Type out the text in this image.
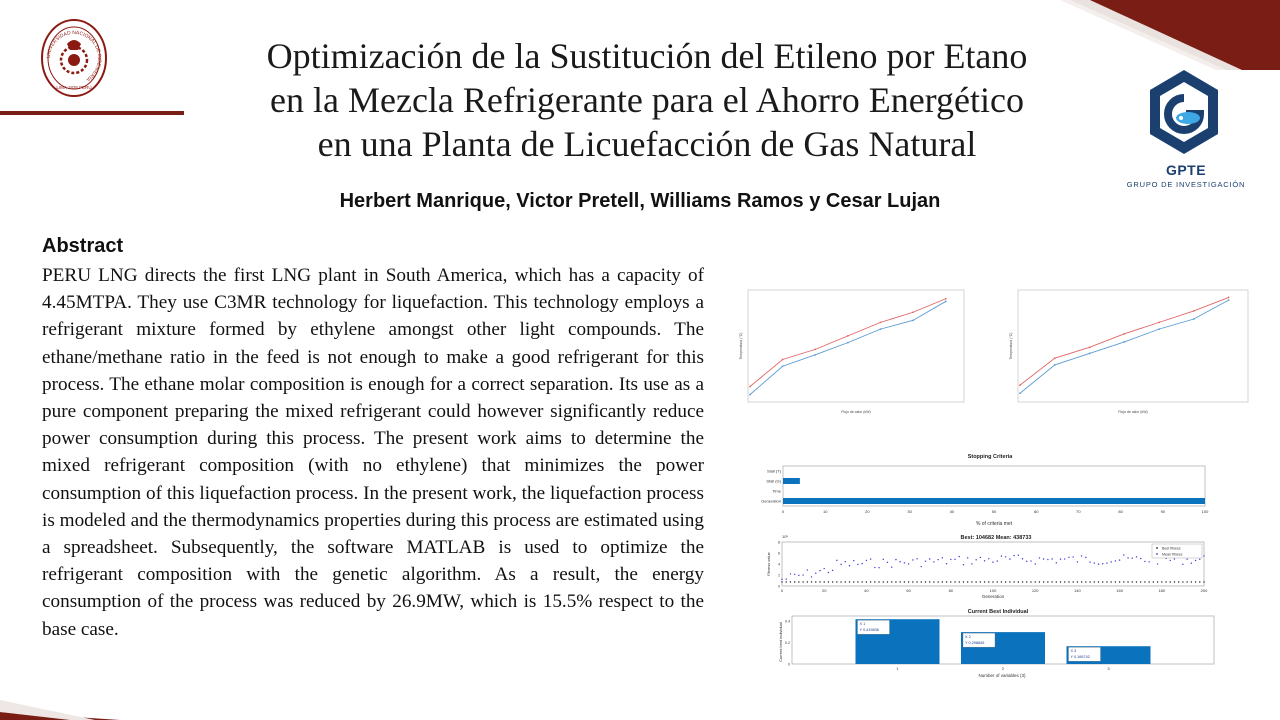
UNIVERSIDAD NACIONAL DE INGENIERÍA
LIMA 1876 PERÚ
Optimización de la Sustitución del Etileno por Etano
en la Mezcla Refrigerante para el Ahorro Energético
en una Planta de Licuefacción de Gas Natural
GPTE
GRUPO DE INVESTIGACIÓN
Herbert Manrique, Victor Pretell, Williams Ramos y Cesar Lujan
Abstract
PERU LNG directs the first LNG plant in South America, which has a capacity of 4.45MTPA. They use C3MR technology for liquefaction. This technology employs a refrigerant mixture formed by ethylene amongst other light compounds. The ethane/methane ratio in the feed is not enough to make a good refrigerant for this process. The ethane molar composition is enough for a correct separation. Its use as a pure component preparing the mixed refrigerant could however significantly reduce power consumption during this process. The present work aims to determine the mixed refrigerant composition (with no ethylene) that minimizes the power consumption of this liquefaction process. In the present work, the liquefaction process is modeled and the thermodynamics properties during this process are estimated using a spreadsheet. Subsequently, the software MATLAB is used to optimize the refrigerant composition with the genetic algorithm. As a result, the energy consumption of the process was reduced by 26.9MW, which is 15.5% respect to the base case.
Flujo de calor (kW)
Temperatura (°C)
Flujo de calor (kW)
Temperatura (°C)
Stopping Criteria
Stall (T)
Stall (G)
Time
Generation
0	10	20	30	40	50	60	70	80	90	100
% of criteria met
Best: 104682 Mean: 438733
10⁵
0	20	40	60	80	100	120	140	160	180	200
0
2
4
6
8
Best fitness
Mean fitness
Generation
Fitness value
Current Best Individual
X 1
Y 0.419836
1
X 2
Y 0.298845
2
X 3
Y 0.166742
3
0
0.2
0.4
Number of variables (3)
Current best individual
